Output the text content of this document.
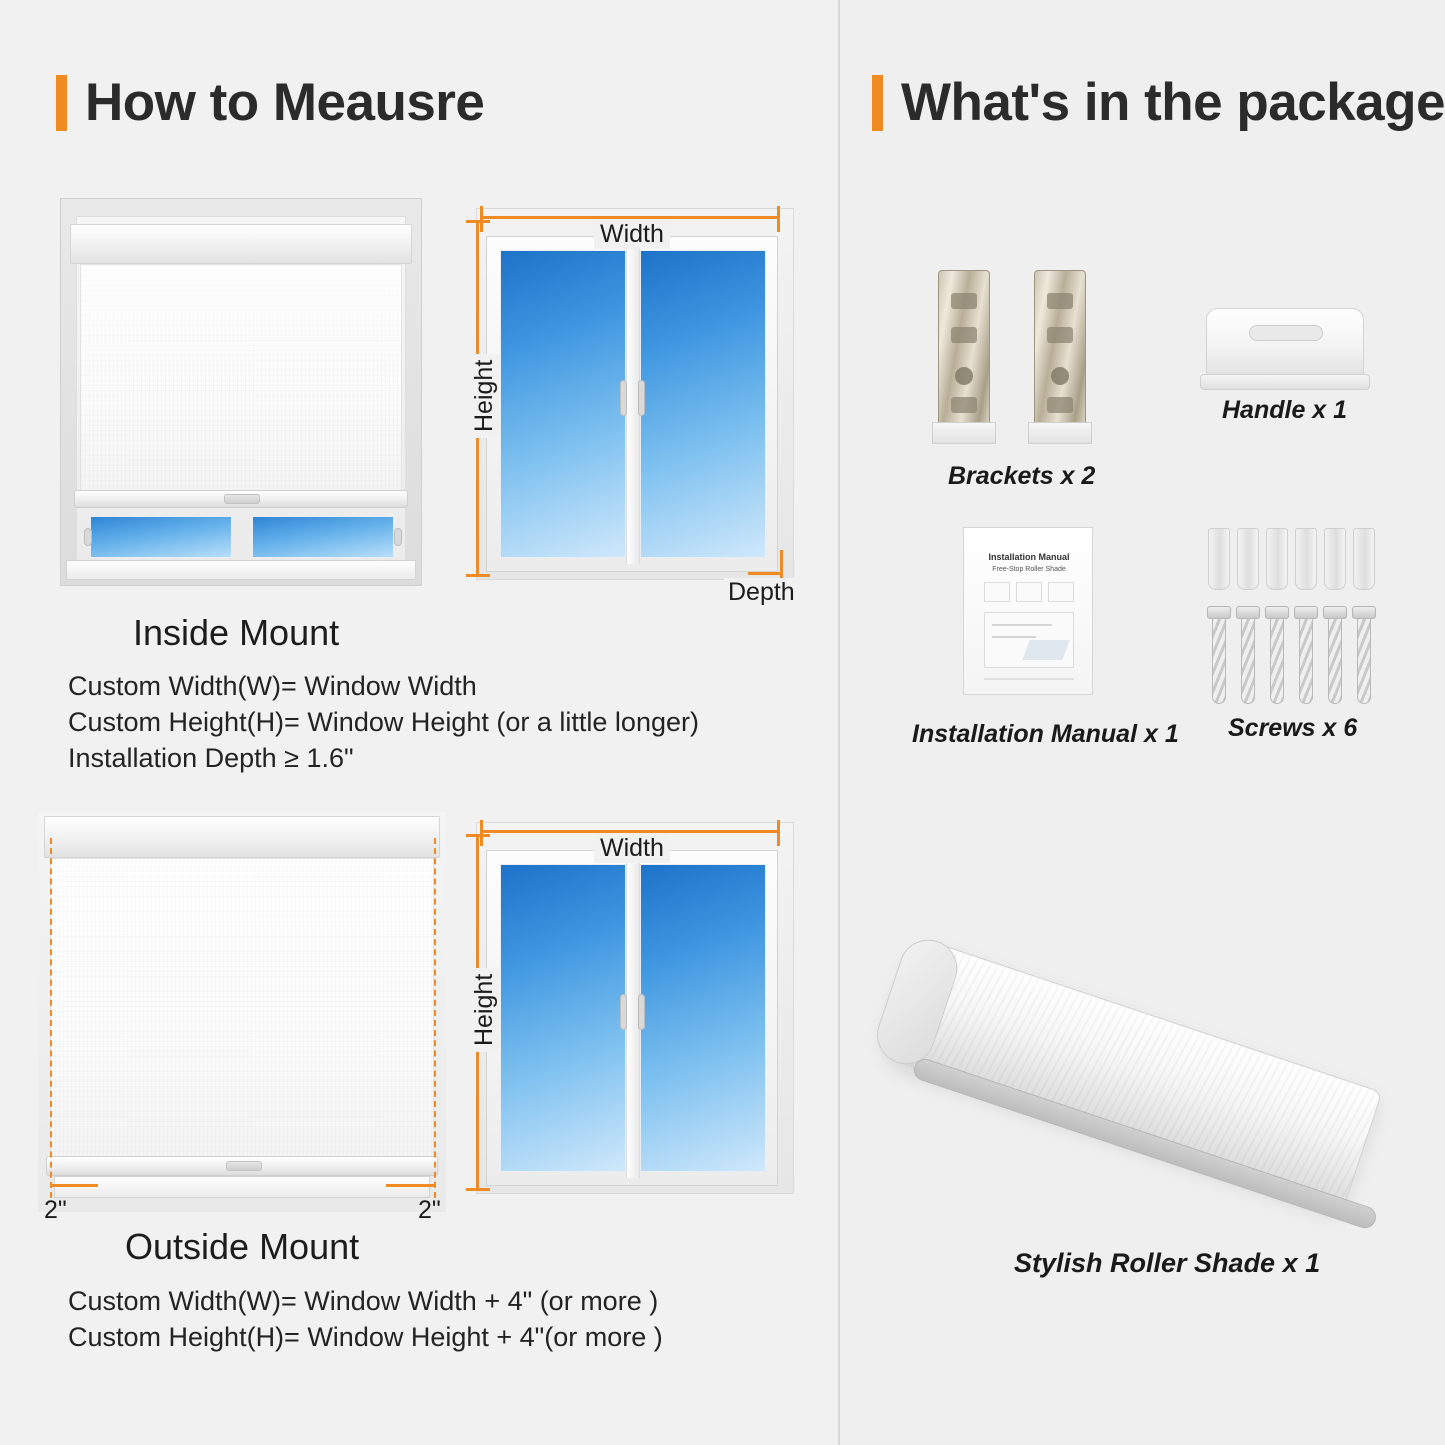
How to Meausre	What's in the package
Width
Height
Depth
Inside Mount
Custom Width(W)= Window Width
Custom Height(H)= Window Height (or a little longer)
Installation Depth ≥ 1.6"
2"	2"
Width
Height
Outside Mount
Custom Width(W)= Window Width + 4" (or more )
Custom Height(H)= Window Height + 4"(or more )
Brackets x 2
Handle x 1
Installation Manual
Free-Stop Roller Shade
Installation Manual x 1 Screws x 6
Stylish Roller Shade x 1
